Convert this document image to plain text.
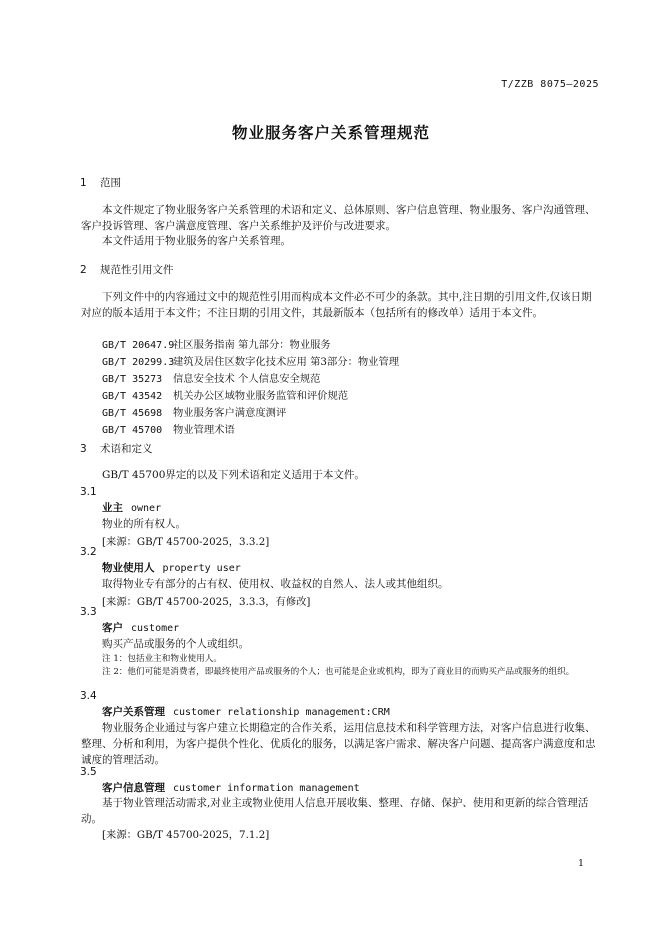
T/ZZB 8075—2025
物业服务客户关系管理规范
1 范围
本文件规定了物业服务客户关系管理的术语和定义、总体原则、客户信息管理、物业服务、客户沟通管理、客户投诉管理、客户满意度管理、客户关系维护及评价与改进要求。
本文件适用于物业服务的客户关系管理。
2 规范性引用文件
下列文件中的内容通过文中的规范性引用而构成本文件必不可少的条款。其中,注日期的引用文件,仅该日期对应的版本适用于本文件；不注日期的引用文件，其最新版本（包括所有的修改单）适用于本文件。
GB/T 20647.9社区服务指南 第九部分：物业服务
GB/T 20299.3建筑及居住区数字化技术应用 第3部分：物业管理
GB/T 35273 信息安全技术 个人信息安全规范
GB/T 43542 机关办公区域物业服务监管和评价规范
GB/T 45698 物业服务客户满意度测评
GB/T 45700 物业管理术语
3 术语和定义
GB/T 45700界定的以及下列术语和定义适用于本文件。
3.1
业主 owner
物业的所有权人。
[来源：GB/T 45700-2025，3.3.2]
3.2
物业使用人 property user
取得物业专有部分的占有权、使用权、收益权的自然人、法人或其他组织。
[来源：GB/T 45700-2025，3.3.3，有修改]
3.3
客户 customer
购买产品或服务的个人或组织。
注 1：包括业主和物业使用人。
注 2：他们可能是消费者，即最终使用产品或服务的个人；也可能是企业或机构，即为了商业目的而购买产品或服务的组织。
3.4
客户关系管理 customer relationship management:CRM
物业服务企业通过与客户建立长期稳定的合作关系，运用信息技术和科学管理方法，对客户信息进行收集、整理、分析和利用，为客户提供个性化、优质化的服务，以满足客户需求、解决客户问题、提高客户满意度和忠诚度的管理活动。
3.5
客户信息管理 customer information management
基于物业管理活动需求,对业主或物业使用人信息开展收集、整理、存储、保护、使用和更新的综合管理活动。
[来源：GB/T 45700-2025，7.1.2]
1
